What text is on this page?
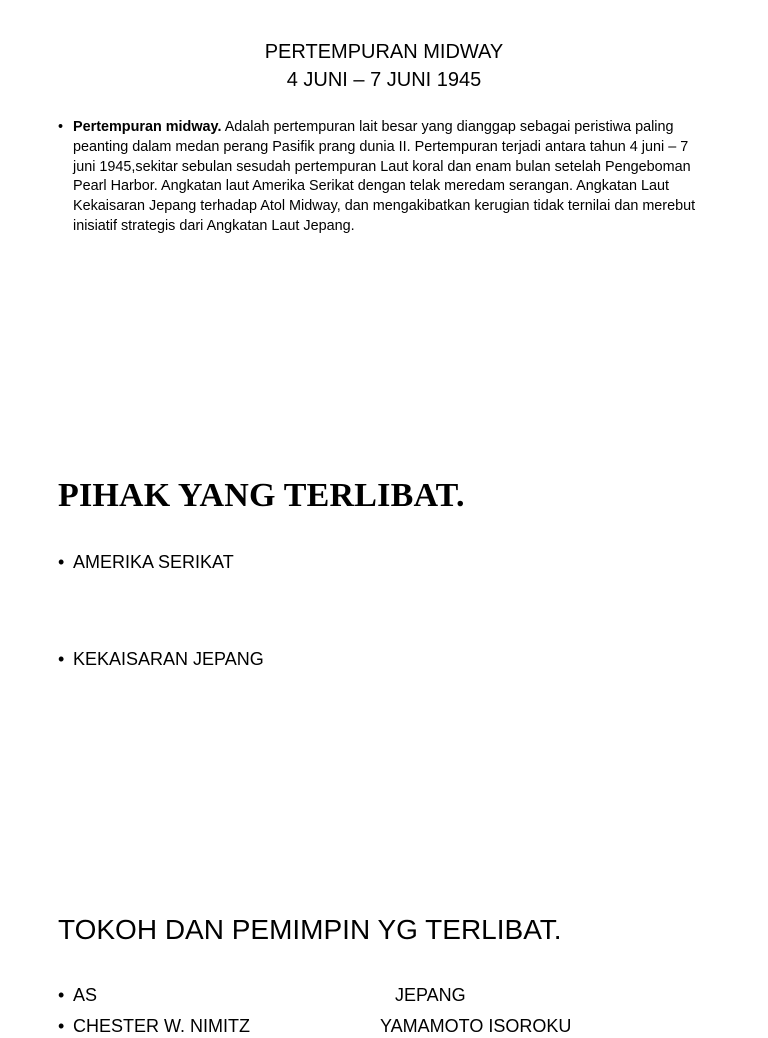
PERTEMPURAN MIDWAY
4 JUNI – 7 JUNI 1945
• Pertempuran midway. Adalah pertempuran lait besar yang dianggap sebagai peristiwa paling peanting dalam medan perang Pasifik prang dunia II. Pertempuran terjadi antara tahun 4 juni – 7 juni 1945,sekitar sebulan sesudah pertempuran Laut koral dan enam bulan setelah Pengeboman Pearl Harbor. Angkatan laut Amerika Serikat dengan telak meredam serangan. Angkatan Laut Kekaisaran Jepang terhadap Atol Midway, dan mengakibatkan kerugian tidak ternilai dan merebut inisiatif strategis dari Angkatan Laut Jepang.
PIHAK YANG TERLIBAT.
• AMERIKA SERIKAT
• KEKAISARAN JEPANG
TOKOH DAN PEMIMPIN YG TERLIBAT.
• AS	JEPANG
• CHESTER W. NIMITZ	YAMAMOTO ISOROKU
